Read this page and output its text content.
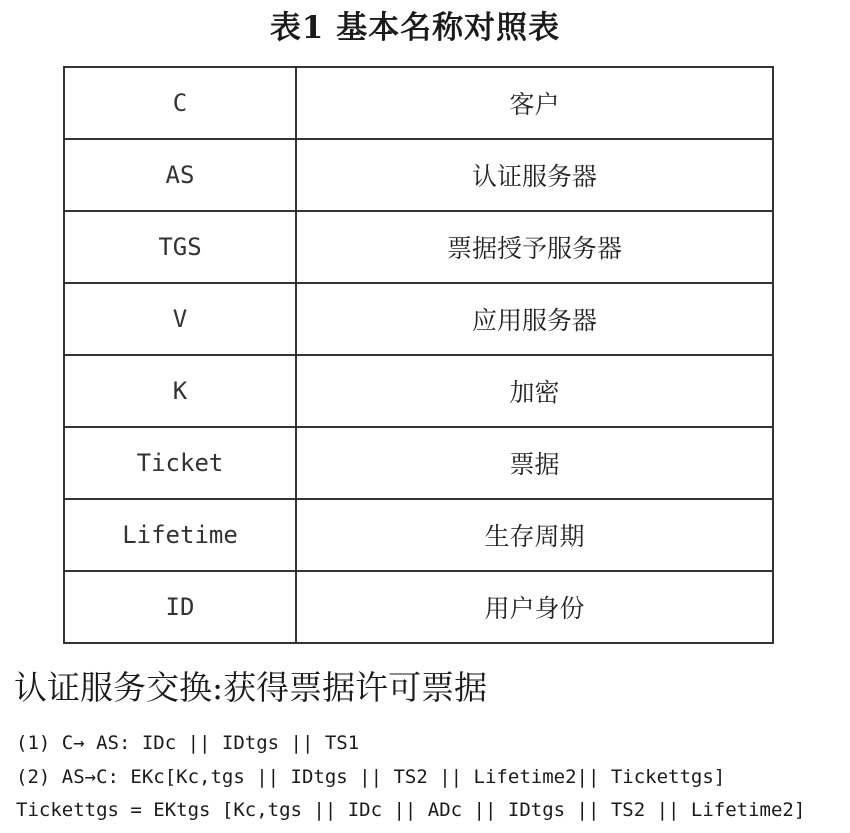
表1 基本名称对照表
C	客户
AS	认证服务器
TGS	票据授予服务器
V	应用服务器
K	加密
Ticket	票据
Lifetime	生存周期
ID	用户身份
认证服务交换:获得票据许可票据
(1) C→ AS: IDc || IDtgs || TS1
(2) AS→C: EKc[Kc,tgs || IDtgs || TS2 || Lifetime2|| Tickettgs]
Tickettgs = EKtgs [Kc,tgs || IDc || ADc || IDtgs || TS2 || Lifetime2]
